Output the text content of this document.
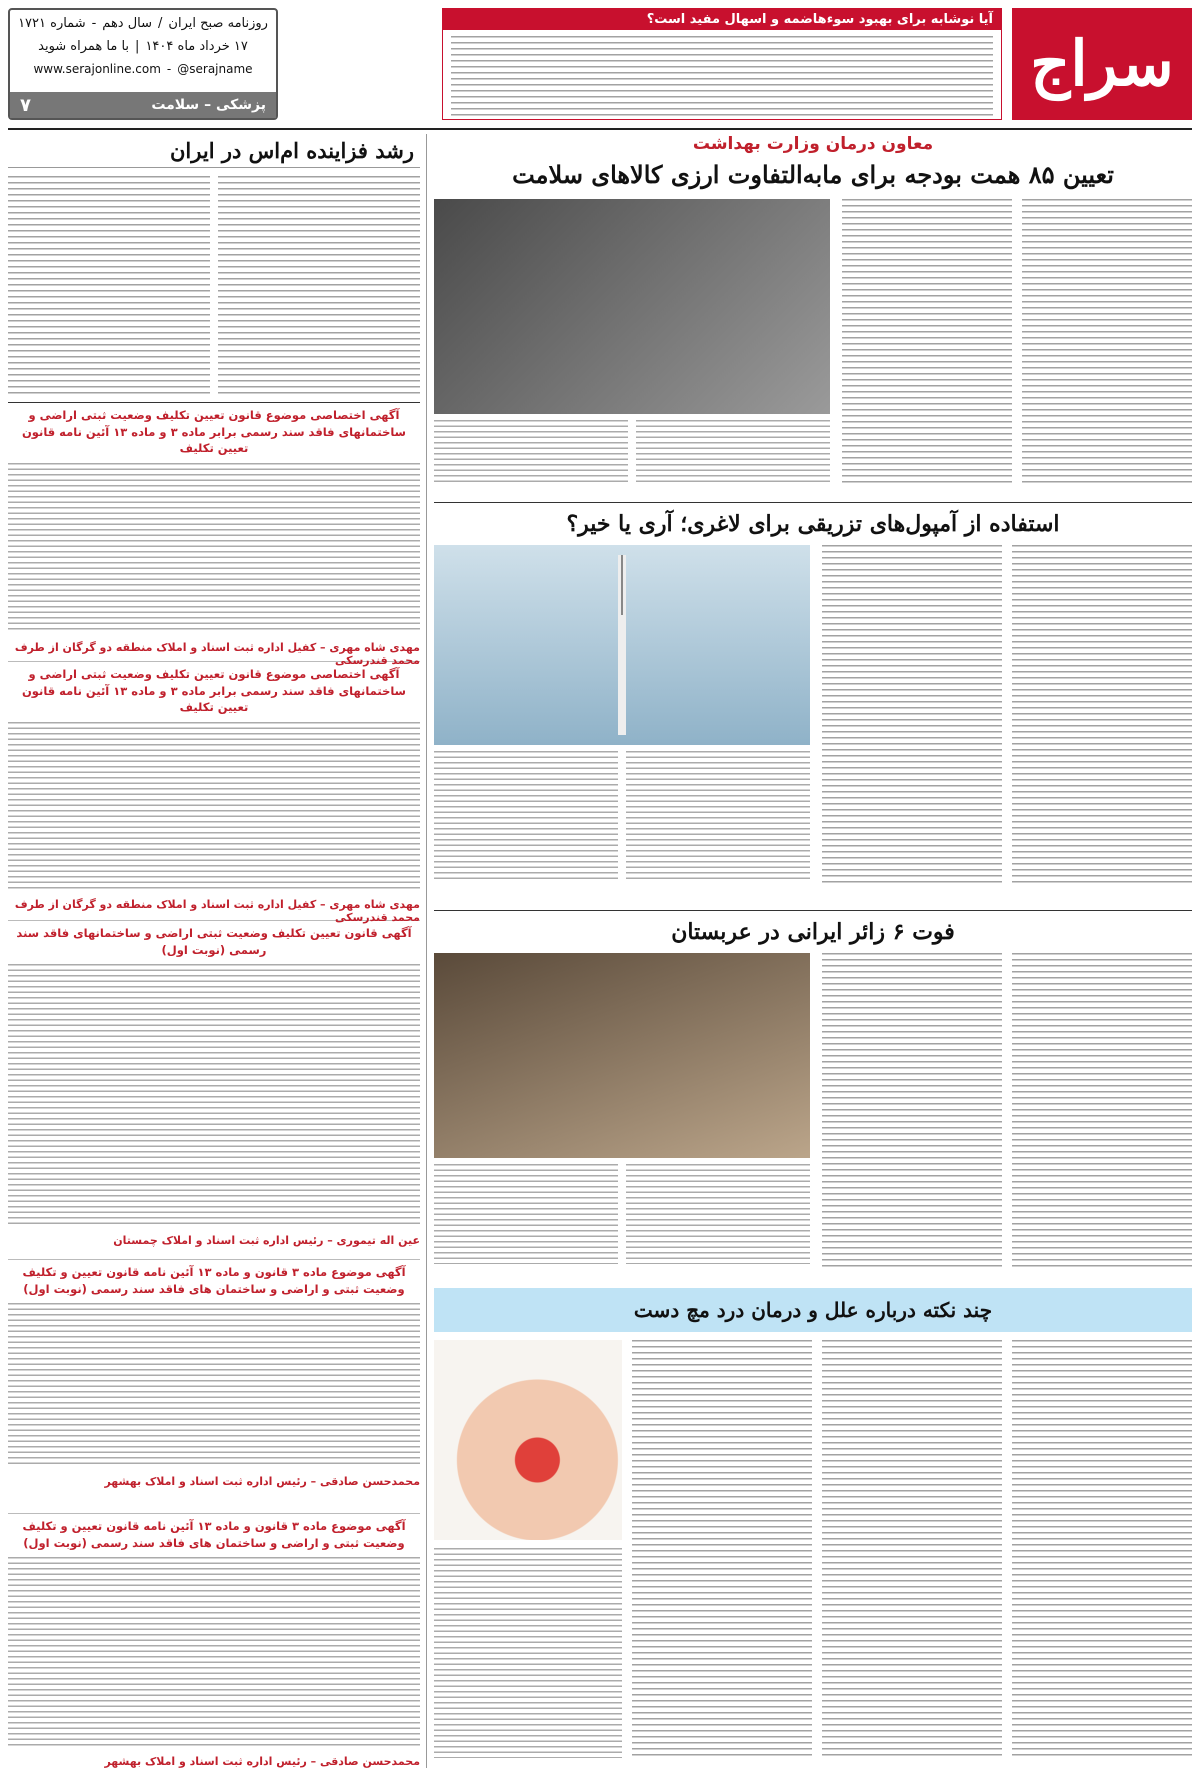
سراج
آیا نوشابه برای بهبود سوءهاضمه و اسهال مفید است؟
روزنامه صبح ایران
/
سال دهم
-
شماره ۱۷۲۱
۱۷ خرداد ماه ۱۴۰۴
|
با ما همراه شوید
www.serajonline.com - @serajname
پزشکی – سلامت
۷
رشد فزاینده ام‌اس در ایران
آگهی اختصاصی موضوع قانون تعیین تکلیف وضعیت ثبتی اراضی و ساختمانهای فاقد سند رسمی برابر ماده ۳ و ماده ۱۳ آئین نامه قانون تعیین تکلیف
مهدی شاه مهری – کفیل اداره ثبت اسناد و املاک منطقه دو گرگان از طرف محمد قندرسکی
آگهی اختصاصی موضوع قانون تعیین تکلیف وضعیت ثبتی اراضی و ساختمانهای فاقد سند رسمی برابر ماده ۳ و ماده ۱۳ آئین نامه قانون تعیین تکلیف
مهدی شاه مهری – کفیل اداره ثبت اسناد و املاک منطقه دو گرگان از طرف محمد قندرسکی
آگهی قانون تعیین تکلیف وضعیت ثبتی اراضی و ساختمانهای فاقد سند رسمی (نوبت اول)
عین اله تیموری – رئیس اداره ثبت اسناد و املاک چمستان
آگهی موضوع ماده ۳ قانون و ماده ۱۳ آئین نامه قانون تعیین و تکلیف وضعیت ثبتی و اراضی و ساختمان های فاقد سند رسمی (نوبت اول)
محمدحسن صادقی – رئیس اداره ثبت اسناد و املاک بهشهر
آگهی موضوع ماده ۳ قانون و ماده ۱۳ آئین نامه قانون تعیین و تکلیف وضعیت ثبتی و اراضی و ساختمان های فاقد سند رسمی (نوبت اول)
محمدحسن صادقی – رئیس اداره ثبت اسناد و املاک بهشهر
معاون درمان وزارت بهداشت
تعیین ۸۵ همت بودجه برای مابه‌التفاوت ارزی کالاهای سلامت
استفاده از آمپول‌های تزریقی برای لاغری؛ آری یا خیر؟
فوت ۶ زائر ایرانی در عربستان
چند نکته درباره علل و درمان درد مچ دست
